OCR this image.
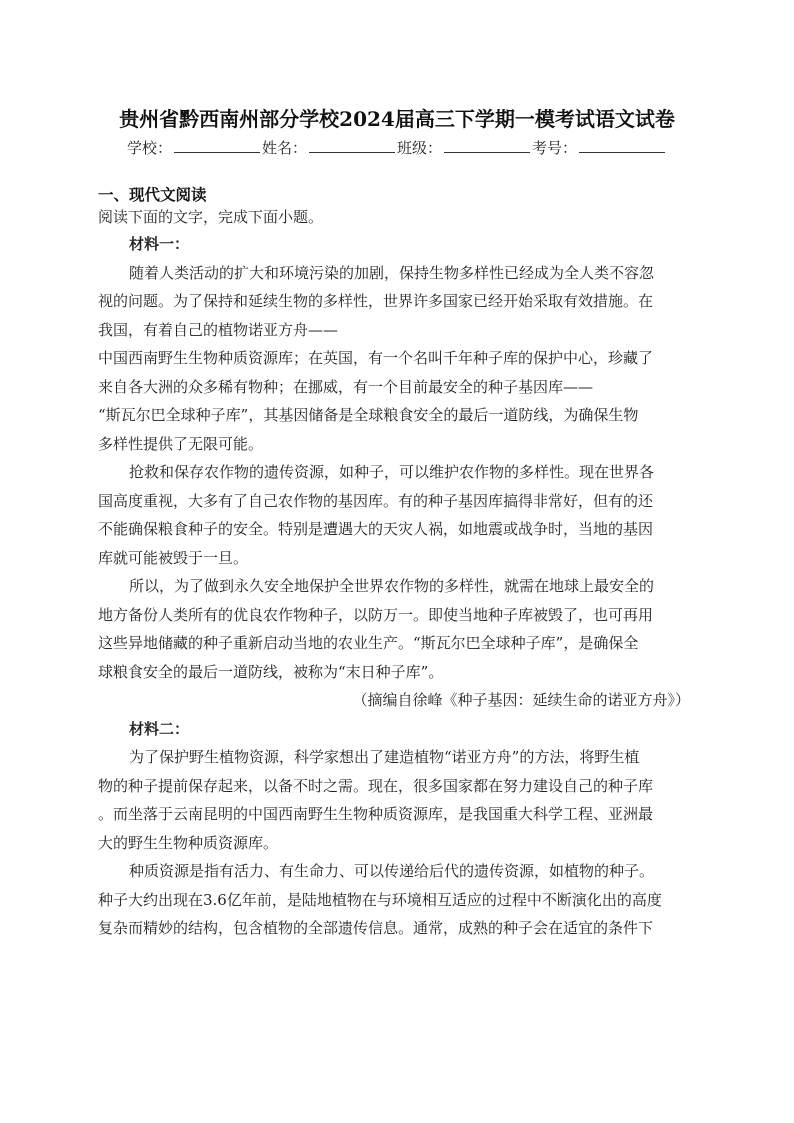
贵州省黔西南州部分学校2024届高三下学期一模考试语文试卷
学校：	姓名：	班级：	考号：
一、现代文阅读
阅读下面的文字，完成下面小题。

材料一：

随着人类活动的扩大和环境污染的加剧，保持生物多样性已经成为全人类不容忽
视的问题。为了保持和延续生物的多样性，世界许多国家已经开始采取有效措施。在
我国，有着自己的植物诺亚方舟——
中国西南野生生物种质资源库；在英国，有一个名叫千年种子库的保护中心，珍藏了
来自各大洲的众多稀有物种；在挪威，有一个目前最安全的种子基因库——
“斯瓦尔巴全球种子库”，其基因储备是全球粮食安全的最后一道防线，为确保生物
多样性提供了无限可能。
抢救和保存农作物的遗传资源，如种子，可以维护农作物的多样性。现在世界各
国高度重视，大多有了自己农作物的基因库。有的种子基因库搞得非常好，但有的还
不能确保粮食种子的安全。特别是遭遇大的天灾人祸，如地震或战争时，当地的基因
库就可能被毁于一旦。
所以，为了做到永久安全地保护全世界农作物的多样性，就需在地球上最安全的
地方备份人类所有的优良农作物种子，以防万一。即使当地种子库被毁了，也可再用
这些异地储藏的种子重新启动当地的农业生产。“斯瓦尔巴全球种子库”，是确保全
球粮食安全的最后一道防线，被称为“末日种子库”。

（摘编自徐峰《种子基因：延续生命的诺亚方舟》）

材料二：

为了保护野生植物资源，科学家想出了建造植物“诺亚方舟”的方法，将野生植
物的种子提前保存起来，以备不时之需。现在，很多国家都在努力建设自己的种子库
。而坐落于云南昆明的中国西南野生生物种质资源库，是我国重大科学工程、亚洲最
大的野生生物种质资源库。
种质资源是指有活力、有生命力、可以传递给后代的遗传资源，如植物的种子。
种子大约出现在3.6亿年前，是陆地植物在与环境相互适应的过程中不断演化出的高度
复杂而精妙的结构，包含植物的全部遗传信息。通常，成熟的种子会在适宜的条件下
